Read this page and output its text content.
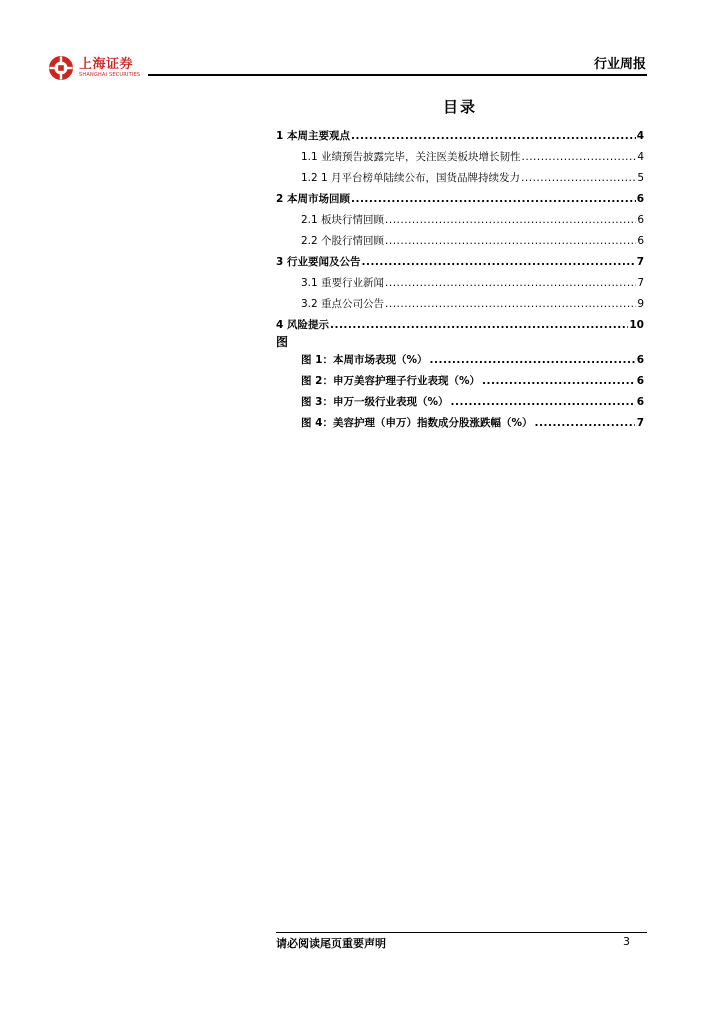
上海证券
SHANGHAI SECURITIES
行业周报
目录
1 本周主要观点 .....	4
1.1 业绩预告披露完毕，关注医美板块增长韧性 .....	4
1.2 1 月平台榜单陆续公布，国货品牌持续发力 .....	5
2 本周市场回顾 .....	6
2.1 板块行情回顾 .....	6
2.2 个股行情回顾 .....	6
3 行业要闻及公告 .....	7
3.1 重要行业新闻 .....	7
3.2 重点公司公告 .....	9
4 风险提示 .....	10
图
图 1：本周市场表现（%） .....	6
图 2：申万美容护理子行业表现（%） .....	6
图 3：申万一级行业表现（%） .....	6
图 4：美容护理（申万）指数成分股涨跌幅（%） .....	7
请必阅读尾页重要声明	3
